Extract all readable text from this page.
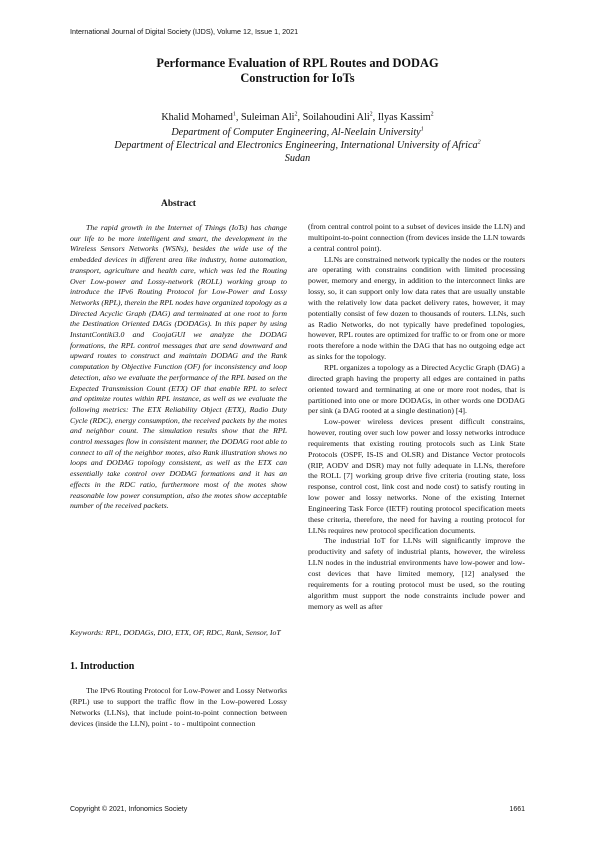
International Journal of Digital Society (IJDS), Volume 12, Issue 1, 2021
Performance Evaluation of RPL Routes and DODAG
Construction for IoTs
Khalid Mohamed$^1$, Suleiman Ali$^2$, Soilahoudini Ali$^2$, Ilyas Kassim$^2$
Department of Computer Engineering, Al-Neelain University$^1$
Department of Electrical and Electronics Engineering, International University of Africa$^2$
Sudan
Abstract

The rapid growth in the Internet of Things (IoTs) has change our life to be more intelligent and smart, the development in the Wireless Sensors Networks (WSNs), besides the wide use of the embedded devices in different area like industry, home automation, transport, agriculture and health care, which was led the Routing Over Low-power and Lossy-network (ROLL) working group to introduce the IPv6 Routing Protocol for Low-Power and Lossy Networks (RPL), therein the RPL nodes have organized topology as a Directed Acyclic Graph (DAG) and terminated at one root to form the Destination Oriented DAGs (DODAGs). In this paper by using InstantContiki3.0 and CoojaGUI we analyze the DODAG formations, the RPL control messages that are send downward and upward routes to construct and maintain DODAG and the Rank computation by Objective Function (OF) for inconsistency and loop detection, also we evaluate the performance of the RPL based on the Expected Transmission Count (ETX) OF that enable RPL to select and optimize routes within RPL instance, as well as we evaluate the following metrics: The ETX Reliability Object (ETX), Radio Duty Cycle (RDC), energy consumption, the received packets by the motes and neighbor count. The simulation results show that the RPL control messages flow in consistent manner, the DODAG root able to connect to all of the neighbor motes, also Rank illustration shows no loops and DODAG topology consistent, as well as the ETX can essentially take control over DODAG formations and it has an effects in the RDC ratio, furthermore most of the motes show reasonable low power consumption, also the motes show acceptable number of the received packets.

Keywords: RPL, DODAGs, DIO, ETX, OF, RDC, Rank, Sensor, IoT

1. Introduction

The IPv6 Routing Protocol for Low-Power and Lossy Networks (RPL) use to support the traffic flow in the Low-powered Lossy Networks (LLNs), that include point-to-point connection between devices (inside the LLN), point - to - multipoint connection

(from central control point to a subset of devices inside the LLN) and multipoint-to-point connection (from devices inside the LLN towards a central control point).

LLNs are constrained network typically the nodes or the routers are operating with constrains condition with limited processing power, memory and energy, in addition to the interconnect links are lossy, so, it can support only low data rates that are usually unstable with the relatively low data packet delivery rates, however, it may potentially consist of few dozen to thousands of routers. LLNs, such as Radio Networks, do not typically have predefined topologies, however, RPL routes are optimized for traffic to or from one or more roots therefore a node within the DAG that has no outgoing edge act as sinks for the topology.

RPL organizes a topology as a Directed Acyclic Graph (DAG) a directed graph having the property all edges are contained in paths oriented toward and terminating at one or more root nodes, that is partitioned into one or more DODAGs, in other words one DODAG per sink (a DAG rooted at a single destination) [4].

Low-power wireless devices present difficult constrains, however, routing over such low power and lossy networks introduce requirements that existing routing protocols such as Link State Protocols (OSPF, IS-IS and OLSR) and Distance Vector protocols (RIP, AODV and DSR) may not fully adequate in LLNs, therefore the ROLL [7] working group drive five criteria (routing state, loss response, control cost, link cost and node cost) to satisfy routing in low power and lossy networks. None of the existing Internet Engineering Task Force (IETF) routing protocol specification meets these criteria, therefore, the need for having a routing protocol for LLNs requires new protocol specification documents.

The industrial IoT for LLNs will significantly improve the productivity and safety of industrial plants, however, the wireless LLN nodes in the industrial environments have low-power and low-cost devices that have limited memory, [12] analysed the requirements for a routing protocol must be used, so the routing algorithm must support the node constraints include power and memory as well as after

Copyright © 2021, Infonomics Society	1661
